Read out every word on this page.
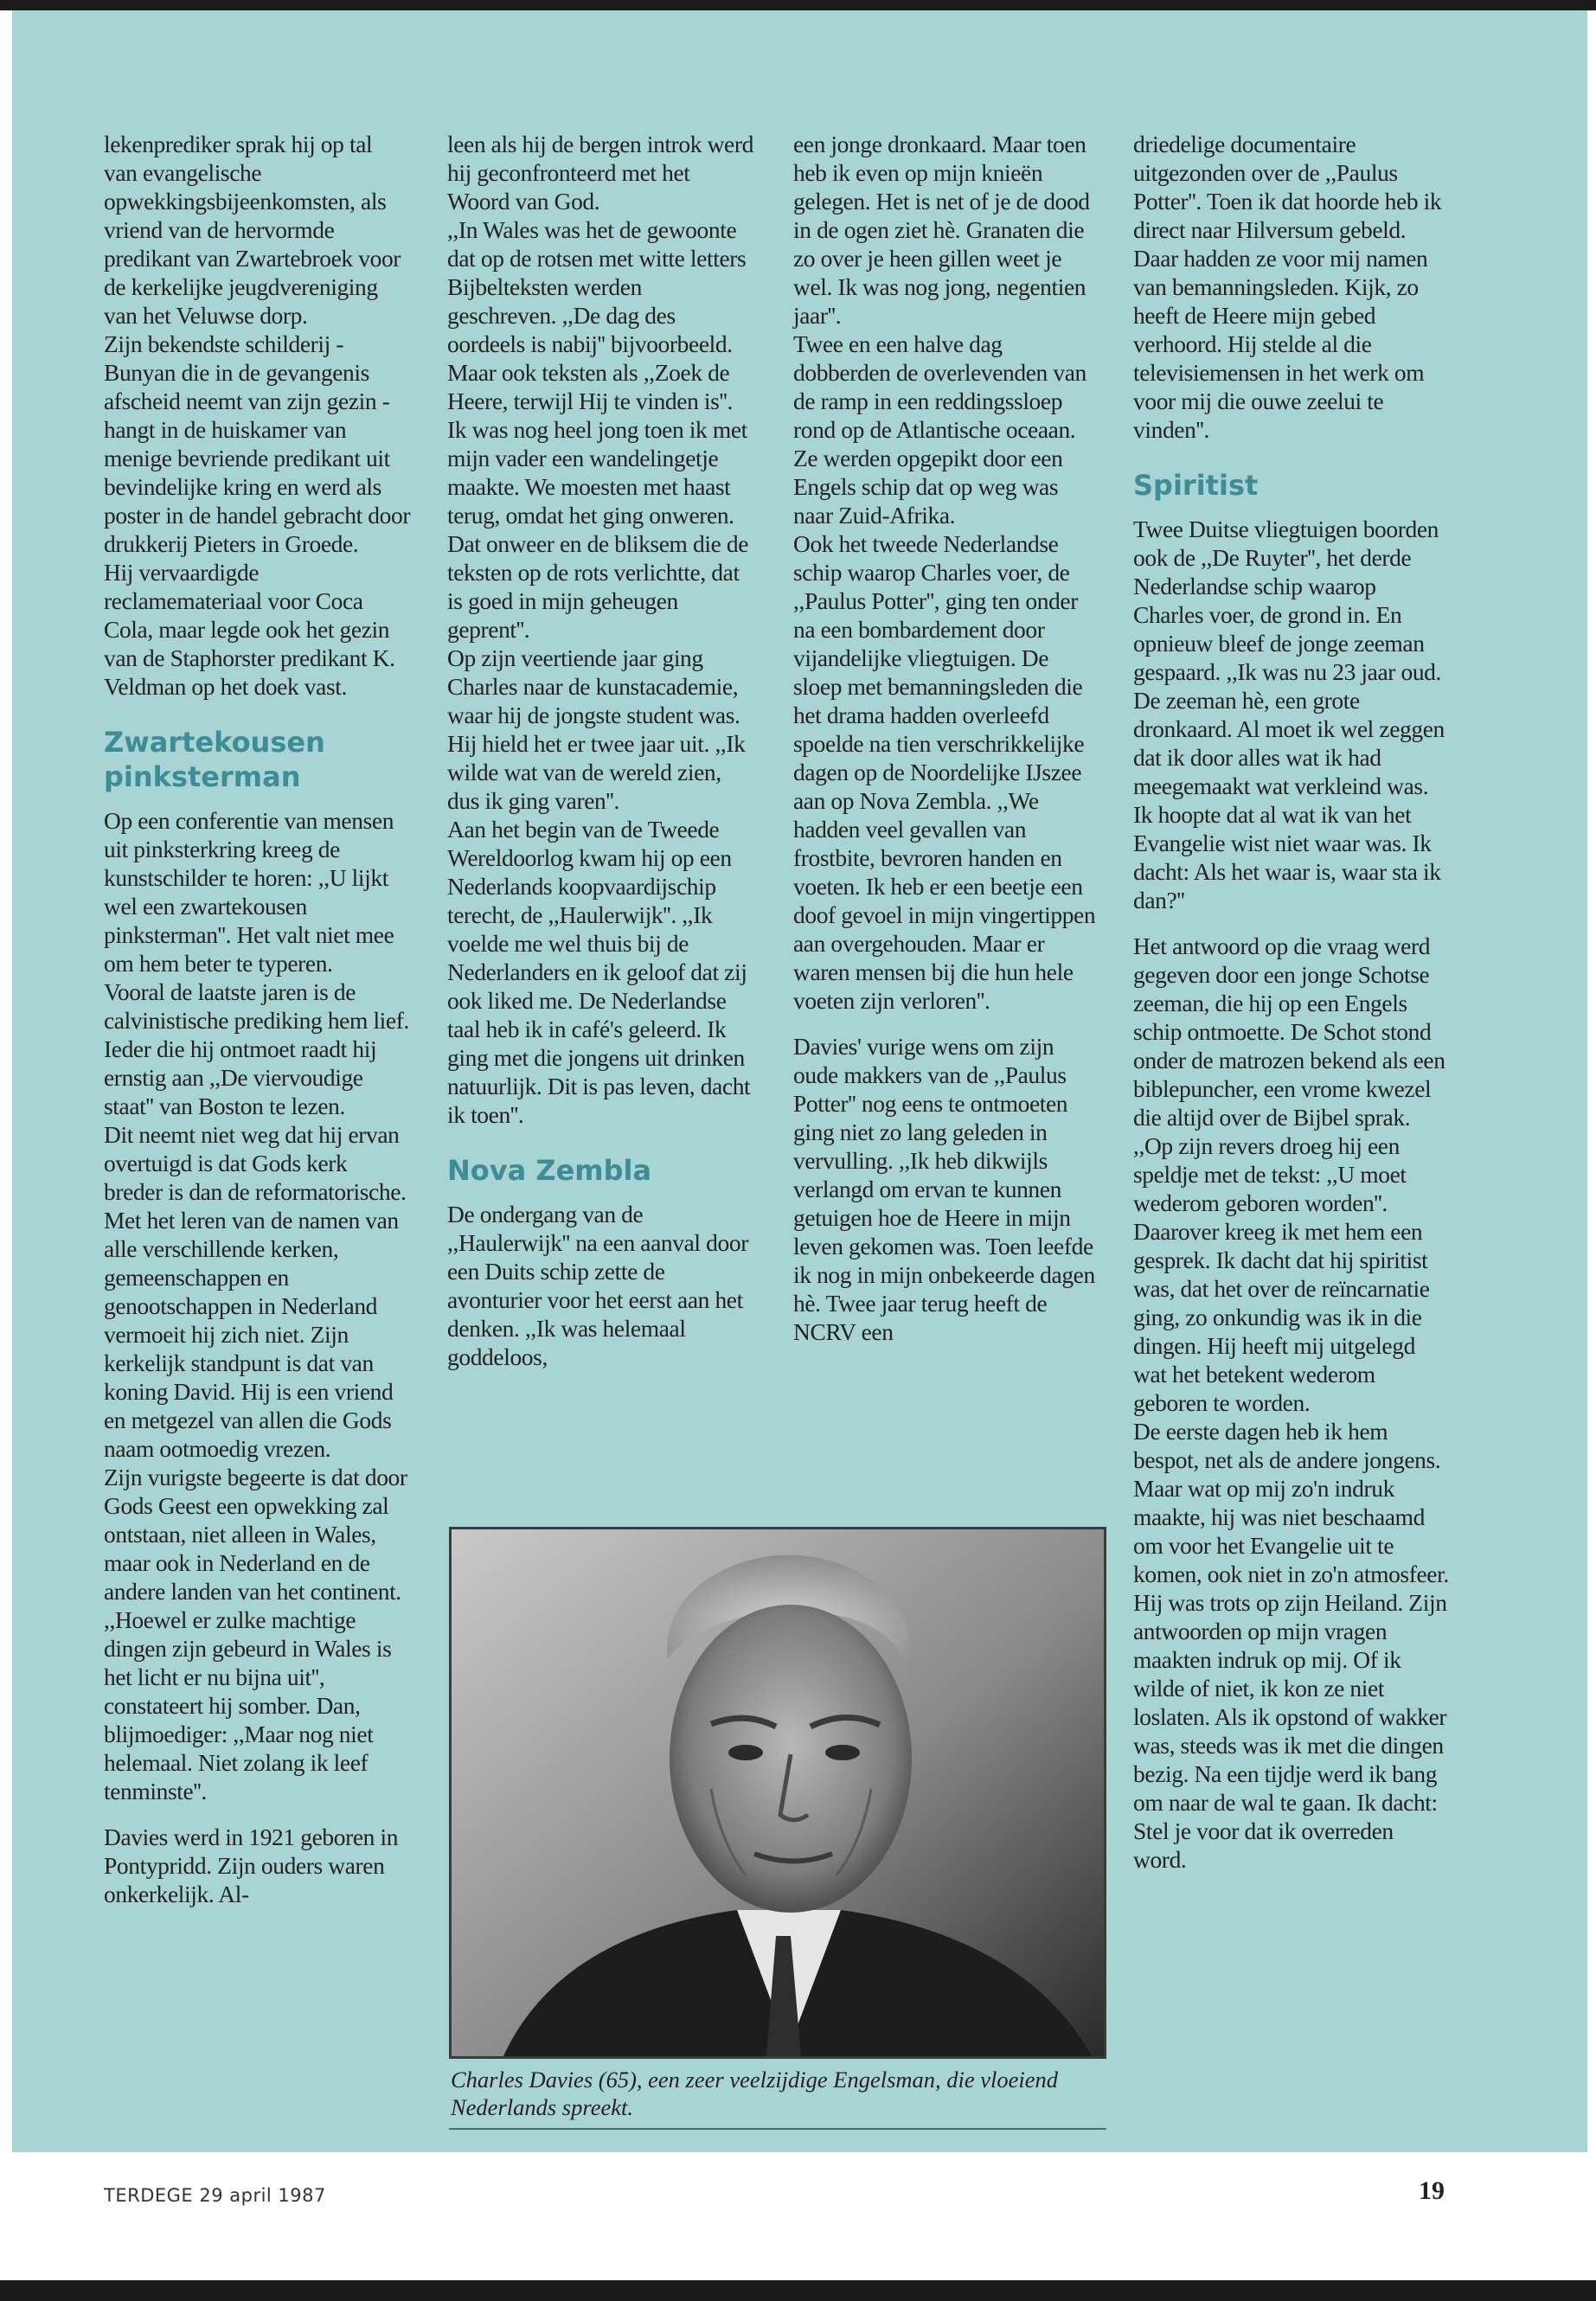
lekenprediker sprak hij op tal van evangelische opwekkingsbijeenkomsten, als vriend van de hervormde predikant van Zwartebroek voor de kerkelijke jeugdvereniging van het Veluwse dorp.

Zijn bekendste schilderij - Bunyan die in de gevangenis afscheid neemt van zijn gezin - hangt in de huiskamer van menige bevriende predikant uit bevindelijke kring en werd als poster in de handel gebracht door drukkerij Pieters in Groede.

Hij vervaardigde reclamemateriaal voor Coca Cola, maar legde ook het gezin van de Staphorster predikant K. Veldman op het doek vast.

Zwartekousen pinksterman

Op een conferentie van mensen uit pinksterkring kreeg de kunstschilder te horen: ,,U lijkt wel een zwartekousen pinksterman''. Het valt niet mee om hem beter te typeren.

Vooral de laatste jaren is de calvinistische prediking hem lief. Ieder die hij ontmoet raadt hij ernstig aan ,,De viervoudige staat'' van Boston te lezen.

Dit neemt niet weg dat hij ervan overtuigd is dat Gods kerk breder is dan de reformatorische. Met het leren van de namen van alle verschillende kerken, gemeenschappen en genootschappen in Nederland vermoeit hij zich niet. Zijn kerkelijk standpunt is dat van koning David. Hij is een vriend en metgezel van allen die Gods naam ootmoedig vrezen.

Zijn vurigste begeerte is dat door Gods Geest een opwekking zal ontstaan, niet alleen in Wales, maar ook in Nederland en de andere landen van het continent. ,,Hoewel er zulke machtige dingen zijn gebeurd in Wales is het licht er nu bijna uit'', constateert hij somber. Dan, blijmoediger: ,,Maar nog niet helemaal. Niet zolang ik leef tenminste''.

Davies werd in 1921 geboren in Pontypridd. Zijn ouders waren onkerkelijk. Al-

leen als hij de bergen introk werd hij geconfronteerd met het Woord van God.

,,In Wales was het de gewoonte dat op de rotsen met witte letters Bijbelteksten werden geschreven. ,,De dag des oordeels is nabij'' bijvoorbeeld. Maar ook teksten als ,,Zoek de Heere, terwijl Hij te vinden is''. Ik was nog heel jong toen ik met mijn vader een wandelingetje maakte. We moesten met haast terug, omdat het ging onweren. Dat onweer en de bliksem die de teksten op de rots verlichtte, dat is goed in mijn geheugen geprent''.

Op zijn veertiende jaar ging Charles naar de kunstacademie, waar hij de jongste student was. Hij hield het er twee jaar uit. ,,Ik wilde wat van de wereld zien, dus ik ging varen''.

Aan het begin van de Tweede Wereldoorlog kwam hij op een Nederlands koopvaardijschip terecht, de ,,Haulerwijk''. ,,Ik voelde me wel thuis bij de Nederlanders en ik geloof dat zij ook liked me. De Nederlandse taal heb ik in café's geleerd. Ik ging met die jongens uit drinken natuurlijk. Dit is pas leven, dacht ik toen''.

Nova Zembla

De ondergang van de ,,Haulerwijk'' na een aanval door een Duits schip zette de avonturier voor het eerst aan het denken. ,,Ik was helemaal goddeloos,

een jonge dronkaard. Maar toen heb ik even op mijn knieën gelegen. Het is net of je de dood in de ogen ziet hè. Granaten die zo over je heen gillen weet je wel. Ik was nog jong, negentien jaar''.

Twee en een halve dag dobberden de overlevenden van de ramp in een reddingssloep rond op de Atlantische oceaan. Ze werden opgepikt door een Engels schip dat op weg was naar Zuid-Afrika.

Ook het tweede Nederlandse schip waarop Charles voer, de ,,Paulus Potter'', ging ten onder na een bombardement door vijandelijke vliegtuigen. De sloep met bemanningsleden die het drama hadden overleefd spoelde na tien verschrikkelijke dagen op de Noordelijke IJszee aan op Nova Zembla. ,,We hadden veel gevallen van frostbite, bevroren handen en voeten. Ik heb er een beetje een doof gevoel in mijn vingertippen aan overgehouden. Maar er waren mensen bij die hun hele voeten zijn verloren''.

Davies' vurige wens om zijn oude makkers van de ,,Paulus Potter'' nog eens te ontmoeten ging niet zo lang geleden in vervulling. ,,Ik heb dikwijls verlangd om ervan te kunnen getuigen hoe de Heere in mijn leven gekomen was. Toen leefde ik nog in mijn onbekeerde dagen hè. Twee jaar terug heeft de NCRV een

driedelige documentaire uitgezonden over de ,,Paulus Potter''. Toen ik dat hoorde heb ik direct naar Hilversum gebeld. Daar hadden ze voor mij namen van bemanningsleden. Kijk, zo heeft de Heere mijn gebed verhoord. Hij stelde al die televisiemensen in het werk om voor mij die ouwe zeelui te vinden''.

Spiritist

Twee Duitse vliegtuigen boorden ook de ,,De Ruyter'', het derde Nederlandse schip waarop Charles voer, de grond in. En opnieuw bleef de jonge zeeman gespaard. ,,Ik was nu 23 jaar oud. De zeeman hè, een grote dronkaard. Al moet ik wel zeggen dat ik door alles wat ik had meegemaakt wat verkleind was. Ik hoopte dat al wat ik van het Evangelie wist niet waar was. Ik dacht: Als het waar is, waar sta ik dan?''

Het antwoord op die vraag werd gegeven door een jonge Schotse zeeman, die hij op een Engels schip ontmoette. De Schot stond onder de matrozen bekend als een biblepuncher, een vrome kwezel die altijd over de Bijbel sprak. ,,Op zijn revers droeg hij een speldje met de tekst: ,,U moet wederom geboren worden''. Daarover kreeg ik met hem een gesprek. Ik dacht dat hij spiritist was, dat het over de reïncarnatie ging, zo onkundig was ik in die dingen. Hij heeft mij uitgelegd wat het betekent wederom geboren te worden.

De eerste dagen heb ik hem bespot, net als de andere jongens. Maar wat op mij zo'n indruk maakte, hij was niet beschaamd om voor het Evangelie uit te komen, ook niet in zo'n atmosfeer. Hij was trots op zijn Heiland. Zijn antwoorden op mijn vragen maakten indruk op mij. Of ik wilde of niet, ik kon ze niet loslaten. Als ik opstond of wakker was, steeds was ik met die dingen bezig. Na een tijdje werd ik bang om naar de wal te gaan. Ik dacht: Stel je voor dat ik overreden word.

Charles Davies (65), een zeer veelzijdige Engelsman, die vloeiend Nederlands spreekt.
TERDEGE 29 april 1987	19
